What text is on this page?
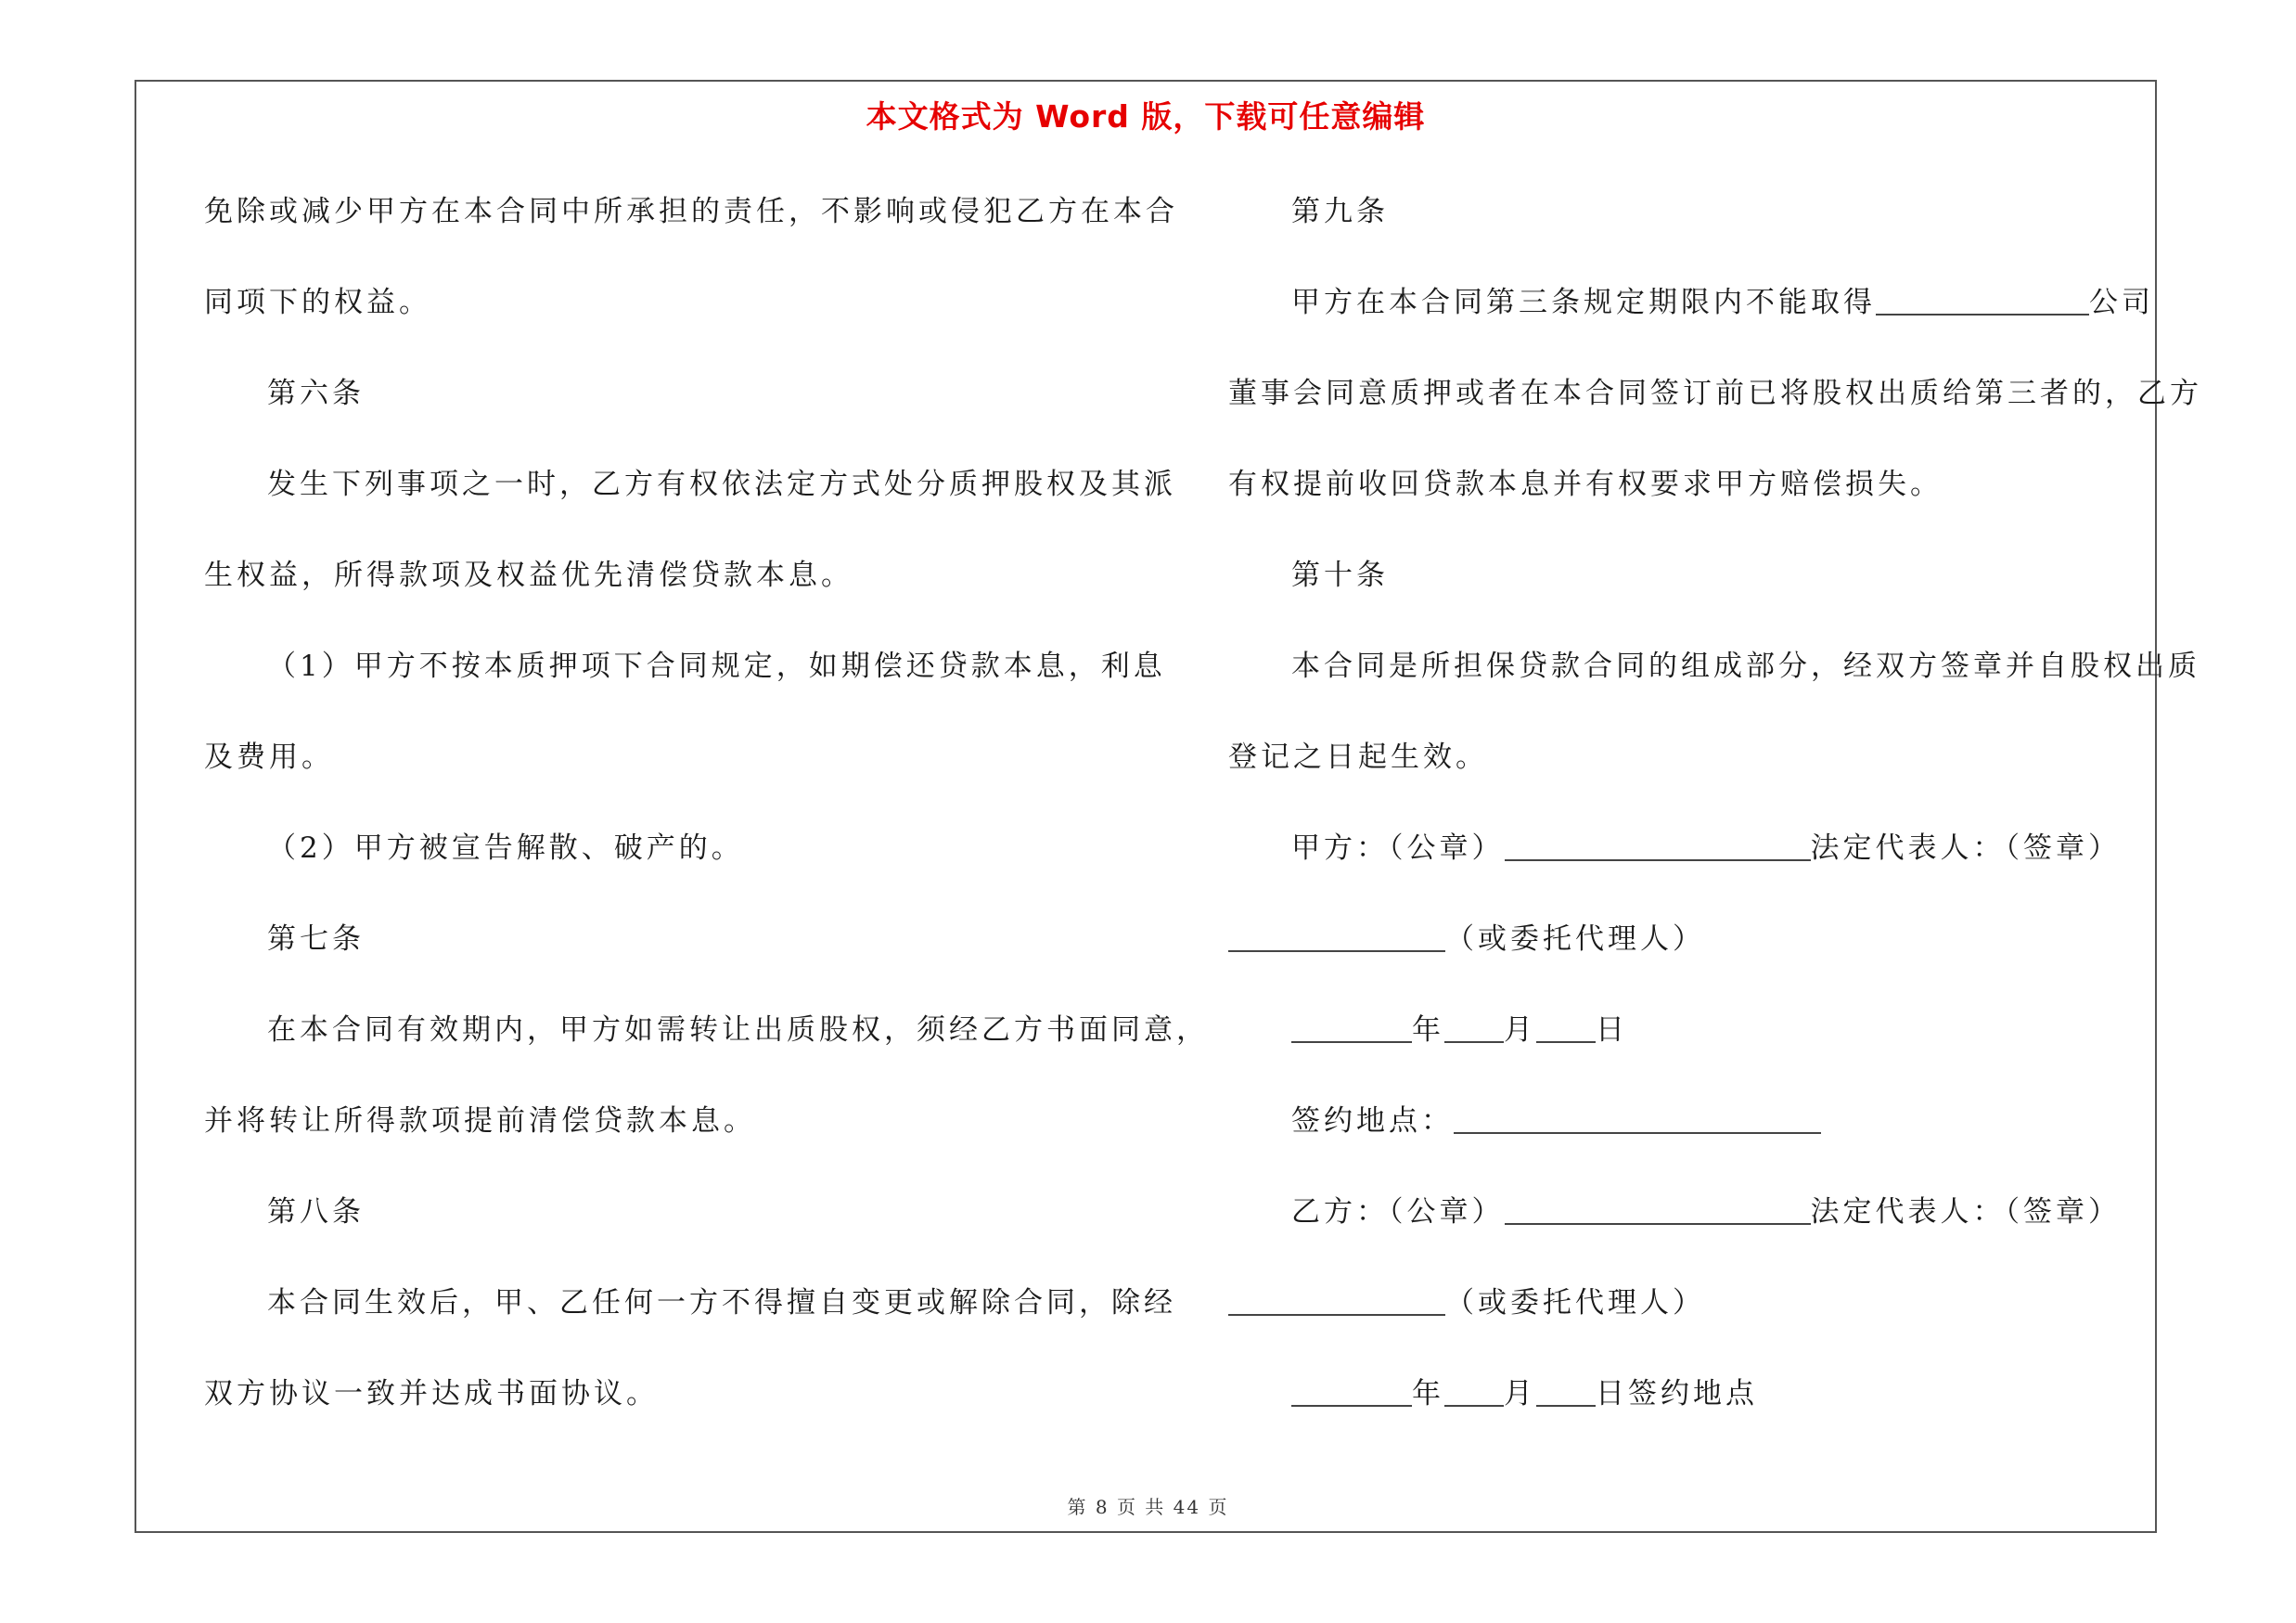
本文格式为 Word 版，下载可任意编辑
免除或减少甲方在本合同中所承担的责任，不影响或侵犯乙方在本合
同项下的权益。
第六条
发生下列事项之一时，乙方有权依法定方式处分质押股权及其派
生权益，所得款项及权益优先清偿贷款本息。
（1）甲方不按本质押项下合同规定，如期偿还贷款本息，利息
及费用。
（2）甲方被宣告解散、破产的。
第七条
在本合同有效期内，甲方如需转让出质股权，须经乙方书面同意，
并将转让所得款项提前清偿贷款本息。
第八条
本合同生效后，甲、乙任何一方不得擅自变更或解除合同，除经
双方协议一致并达成书面协议。
第九条
甲方在本合同第三条规定期限内不能取得	公司
董事会同意质押或者在本合同签订前已将股权出质给第三者的，乙方
有权提前收回贷款本息并有权要求甲方赔偿损失。
第十条
本合同是所担保贷款合同的组成部分，经双方签章并自股权出质
登记之日起生效。
甲方：（公章）	法定代表人：（签章）
（或委托代理人）
年 月 日
签约地点：
乙方：（公章）	法定代表人：（签章）
（或委托代理人）
年 月 日签约地点
第 8 页 共 44 页
